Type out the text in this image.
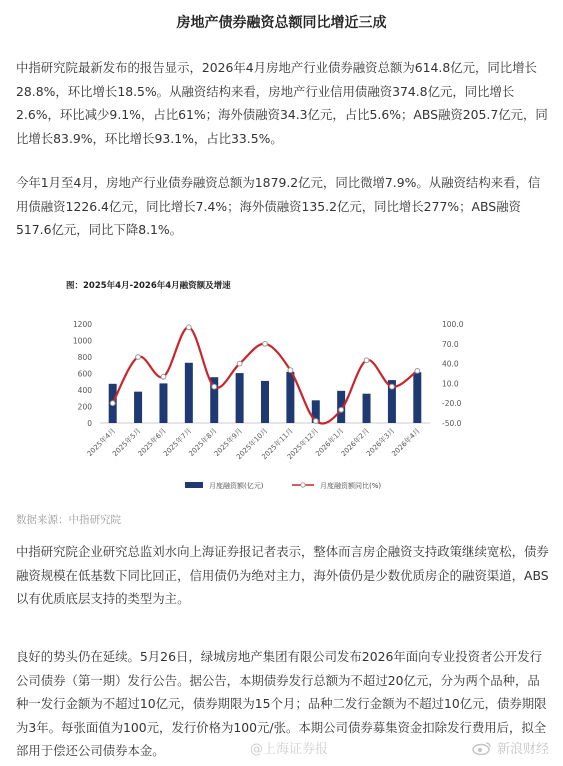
房地产债券融资总额同比增近三成

中指研究院最新发布的报告显示，2026年4月房地产行业债券融资总额为614.8亿元，同比增长28.8%，环比增长18.5%。从融资结构来看，房地产行业信用债融资374.8亿元，同比增长2.6%，环比减少9.1%，占比61%；海外债融资34.3亿元，占比5.6%；ABS融资205.7亿元，同比增长83.9%，环比增长93.1%，占比33.5%。

今年1月至4月，房地产行业债券融资总额为1879.2亿元，同比微增7.9%。从融资结构来看，信用债融资1226.4亿元，同比增长7.4%；海外债融资135.2亿元，同比增长277%；ABS融资517.6亿元，同比下降8.1%。

图：2025年4月-2026年4月融资额及增速
0
200
400
600
800
1000
1200	100.0
70.0
40.0
10.0
-20.0
-50.0
2025年4月
2025年5月
2025年6月
2025年7月
2025年8月
2025年9月
2025年10月
2025年11月
2025年12月
2026年1月
2026年2月
2026年3月
2026年4月
月度融资额(亿元)	月度融资额同比(%)
数据来源：中指研究院

中指研究院企业研究总监刘水向上海证券报记者表示，整体而言房企融资支持政策继续宽松，债券融资规模在低基数下同比回正，信用债仍为绝对主力，海外债仍是少数优质房企的融资渠道，ABS以有优质底层支持的类型为主。

良好的势头仍在延续。5月26日，绿城房地产集团有限公司发布2026年面向专业投资者公开发行公司债券（第一期）发行公告。据公告，本期债券发行总额为不超过20亿元，分为两个品种，品种一发行金额为不超过10亿元，债券期限为15个月；品种二发行金额为不超过10亿元，债券期限为3年。每张面值为100元，发行价格为100元/张。本期公司债券募集资金扣除发行费用后，拟全部用于偿还公司债券本金。	@上海证券报	新浪财经
